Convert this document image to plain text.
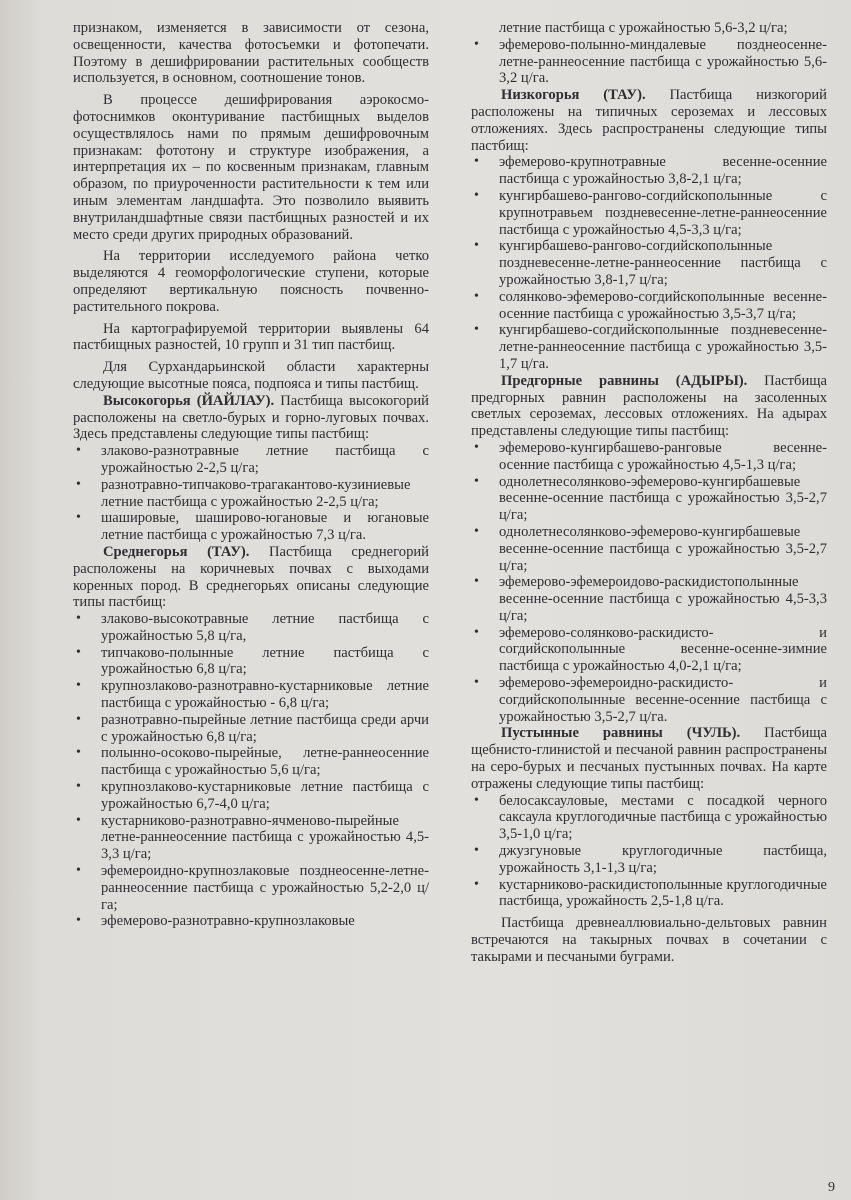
признаком, изменяется в зависимости от сезона, освещенности, качества фотосъемки и фотопечати. Поэтому в дешифрировании растительных сообществ используется, в основном, соотношение тонов.

В процессе дешифрирования аэрокосмо-фотоснимков оконтуривание пастбищных выделов осуществлялось нами по прямым дешифровочным признакам: фототону и структуре изображения, а интерпретация их – по косвенным признакам, главным образом, по приуроченности растительности к тем или иным элементам ландшафта. Это позволило выявить внутриландшафтные связи пастбищных разностей и их место среди других природных образований.

На территории исследуемого района четко выделяются 4 геоморфологические ступени, которые определяют вертикальную поясность почвенно-растительного покрова.

На картографируемой территории выявлены 64 пастбищных разностей, 10 групп и 31 тип пастбищ.

Для Сурхандарьинской области характерны следующие высотные пояса, подпояса и типы пастбищ.

Высокогорья (ЙАЙЛАУ). Пастбища высокогорий расположены на светло-бурых и горно-луговых почвах. Здесь представлены следующие типы пастбищ:

• злаково-разнотравные летние пастбища с урожайностью 2-2,5 ц/га;

• разнотравно-типчаково-трагакантово-кузиниевые летние пастбища с урожайностью 2-2,5 ц/га;

• шашировые, шаширово-югановые и югановые летние пастбища с урожайностью 7,3 ц/га.

Среднегорья (ТАУ). Пастбища среднегорий расположены на коричневых почвах с выходами коренных пород. В среднегорьях описаны следующие типы пастбищ:

• злаково-высокотравные летние пастбища с урожайностью 5,8 ц/га,

• типчаково-полынные летние пастбища с урожайностью 6,8 ц/га;

• крупнозлаково-разнотравно-кустарниковые летние пастбища с урожайностью - 6,8 ц/га;

• разнотравно-пырейные летние пастбища среди арчи с урожайностью 6,8 ц/га;

• полынно-осоково-пырейные, летне-раннеосенние пастбища с урожайностью 5,6 ц/га;

• крупнозлаково-кустарниковые летние пастбища с урожайностью 6,7-4,0 ц/га;

• кустарниково-разнотравно-ячменово-пырейные летне-раннеосенние пастбища с урожайностью 4,5-3,3 ц/га;

• эфемероидно-крупнозлаковые позднеосенне-летне-раннеосенние пастбища с урожайностью 5,2-2,0 ц/га;

• эфемерово-разнотравно-крупнозлаковые

летние пастбища с урожайностью 5,6-3,2 ц/га;

• эфемерово-полынно-миндалевые позднеосенне-летне-раннеосенние пастбища с урожайностью 5,6-3,2 ц/га.

Низкогорья (ТАУ). Пастбища низкогорий расположены на типичных сероземах и лессовых отложениях. Здесь распространены следующие типы пастбищ:

• эфемерово-крупнотравные весенне-осенние пастбища с урожайностью 3,8-2,1 ц/га;

• кунгирбашево-рангово-согдийскополынные с крупнотравьем поздневесенне-летне-раннеосенние пастбища с урожайностью 4,5-3,3 ц/га;

• кунгирбашево-рангово-согдийскополынные поздневесенне-летне-раннеосенние пастбища с урожайностью 3,8-1,7 ц/га;

• солянково-эфемерово-согдийскополынные весенне-осенние пастбища с урожайностью 3,5-3,7 ц/га;

• кунгирбашево-согдийскополынные поздневесенне-летне-раннеосенние пастбища с урожайностью 3,5-1,7 ц/га.

Предгорные равнины (АДЫРЫ). Пастбища предгорных равнин расположены на засоленных светлых сероземах, лессовых отложениях. На адырах представлены следующие типы пастбищ:

• эфемерово-кунгирбашево-ранговые весенне-осенние пастбища с урожайностью 4,5-1,3 ц/га;

• однолетнесолянково-эфемерово-кунгирбашевые весенне-осенние пастбища с урожайностью 3,5-2,7 ц/га;

• однолетнесолянково-эфемерово-кунгирбашевые весенне-осенние пастбища с урожайностью 3,5-2,7 ц/га;

• эфемерово-эфемероидово-раскидистополынные весенне-осенние пастбища с урожайностью 4,5-3,3 ц/га;

• эфемерово-солянково-раскидисто- и согдийскополынные весенне-осенне-зимние пастбища с урожайностью 4,0-2,1 ц/га;

• эфемерово-эфемероидно-раскидисто- и согдийскополынные весенне-осенние пастбища с урожайностью 3,5-2,7 ц/га.

Пустынные равнины (ЧУЛЬ). Пастбища щебнисто-глинистой и песчаной равнин распространены на серо-бурых и песчаных пустынных почвах. На карте отражены следующие типы пастбищ:

• белосаксауловые, местами с посадкой черного саксаула круглогодичные пастбища с урожайностью 3,5-1,0 ц/га;

• джузгуновые круглогодичные пастбища, урожайность 3,1-1,3 ц/га;

• кустарниково-раскидистополынные круглогодичные пастбища, урожайность 2,5-1,8 ц/га.

Пастбища древнеаллювиально-дельтовых равнин встречаются на такырных почвах в сочетании с такырами и песчаными буграми.

9
